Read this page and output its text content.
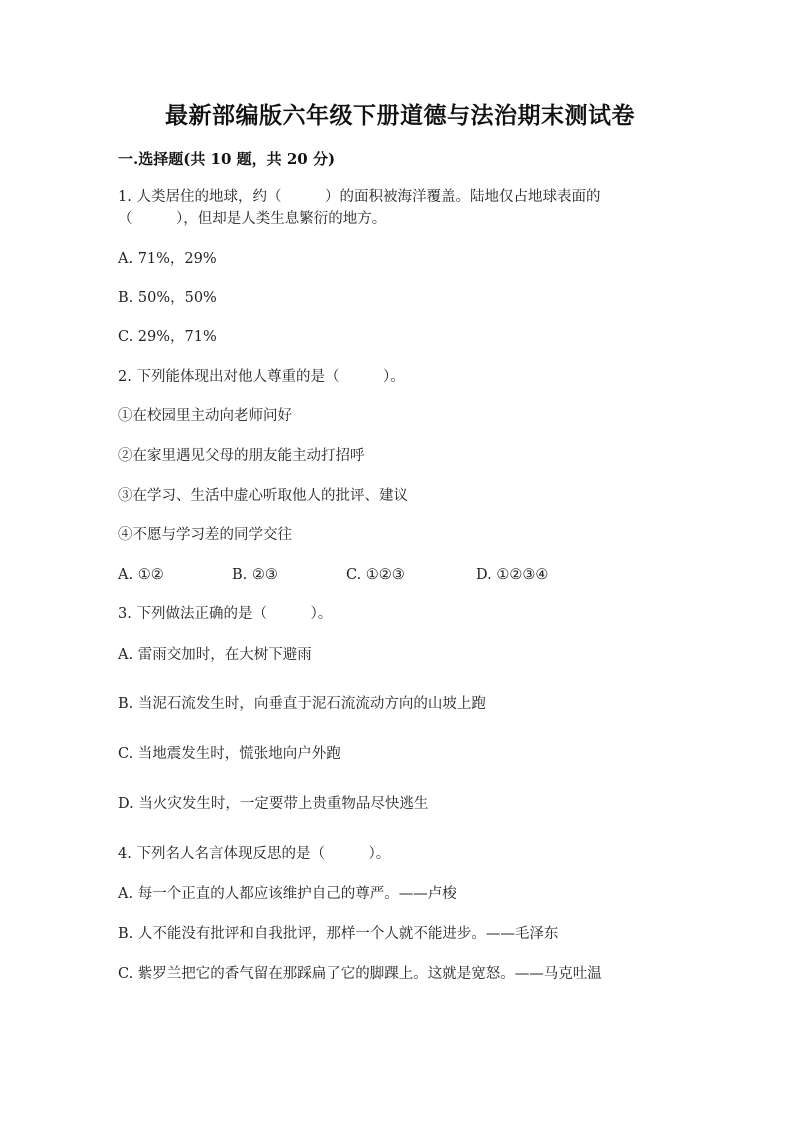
最新部编版六年级下册道德与法治期末测试卷
一.选择题(共 10 题，共 20 分)
1. 人类居住的地球，约（　　　）的面积被海洋覆盖。陆地仅占地球表面的（　　　），但却是人类生息繁衍的地方。
A. 71%，29%
B. 50%，50%
C. 29%，71%
2. 下列能体现出对他人尊重的是（　　　）。
①在校园里主动向老师问好
②在家里遇见父母的朋友能主动打招呼
③在学习、生活中虚心听取他人的批评、建议
④不愿与学习差的同学交往
A. ①②	B. ②③	C. ①②③	D. ①②③④
3. 下列做法正确的是（　　　）。
A. 雷雨交加时，在大树下避雨
B. 当泥石流发生时，向垂直于泥石流流动方向的山坡上跑
C. 当地震发生时，慌张地向户外跑
D. 当火灾发生时，一定要带上贵重物品尽快逃生
4. 下列名人名言体现反思的是（　　　）。
A. 每一个正直的人都应该维护自己的尊严。——卢梭
B. 人不能没有批评和自我批评，那样一个人就不能进步。——毛泽东
C. 紫罗兰把它的香气留在那踩扁了它的脚踝上。这就是宽怒。——马克吐温
